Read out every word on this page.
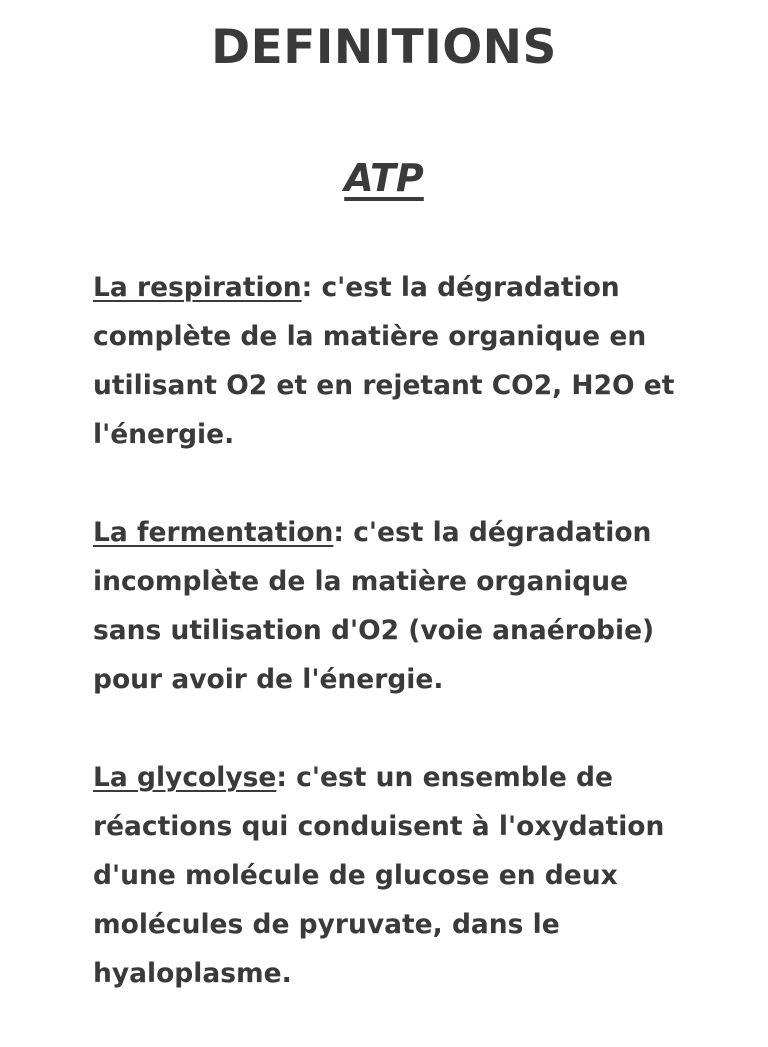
DEFINITIONS
ATP

La respiration: c'est la dégradation complète de la matière organique en utilisant O2 et en rejetant CO2, H2O et l'énergie.

La fermentation: c'est la dégradation incomplète de la matière organique sans utilisation d'O2 (voie anaérobie) pour avoir de l'énergie.

La glycolyse: c'est un ensemble de réactions qui conduisent à l'oxydation d'une molécule de glucose en deux molécules de pyruvate, dans le hyaloplasme.
